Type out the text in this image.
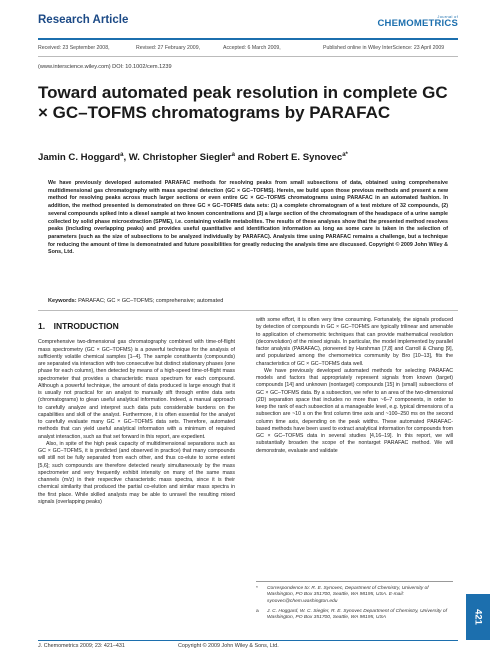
Research Article	Journal of
CHEMOMETRICS
Received: 23 September 2008,	Revised: 27 February 2009,	Accepted: 6 March 2009,	Published online in Wiley InterScience: 23 April 2009
(www.interscience.wiley.com) DOI: 10.1002/cem.1239
Toward automated peak resolution in complete GC × GC–TOFMS chromatograms by PARAFAC
Jamin C. Hoggard$^a$, W. Christopher Siegler$^a$ and Robert E. Synovec$^{a*}$

We have previously developed automated PARAFAC methods for resolving peaks from small subsections of data, obtained using comprehensive multidimensional gas chromatography with mass spectral detection (GC × GC–TOFMS). Herein, we build upon those previous methods and present a new method for resolving peaks across much larger sections or even entire GC × GC–TOFMS chromatograms using PARAFAC in an automated fashion. In addition, the method presented is demonstrated on three GC × GC–TOFMS data sets: (1) a complete chromatogram of a test mixture of 32 compounds, (2) several compounds spiked into a diesel sample at two known concentrations and (3) a large section of the chromatogram of the headspace of a urine sample collected by solid phase microextraction (SPME), i.e. containing volatile metabolites. The results of these analyses show that the presented method resolves peaks (including overlapping peaks) and provides useful quantitative and identification information as long as some care is taken in the selection of parameters (such as the size of subsections to be analyzed individually by PARAFAC). Analysis time using PARAFAC remains a challenge, but a technique for reducing the amount of time is demonstrated and future possibilities for greatly reducing the analysis time are discussed. Copyright © 2009 John Wiley & Sons, Ltd.

Keywords: PARAFAC; GC × GC–TOFMS; comprehensive; automated
1. INTRODUCTION

Comprehensive two-dimensional gas chromatography combined with time-of-flight mass spectrometry (GC × GC–TOFMS) is a powerful technique for the analysis of sufficiently volatile chemical samples [1–4]. The sample constituents (compounds) are separated via interaction with two consecutive but distinct stationary phases (one phase for each column), then detected by means of a high-speed time-of-flight mass spectrometer that provides a characteristic mass spectrum for each compound. Although a powerful technique, the amount of data produced is large enough that it is usually not practical for an analyst to manually sift through entire data sets (chromatograms) to glean useful analytical information. Indeed, a manual approach to carefully analyze and interpret such data puts considerable burdens on the capabilities and skill of the analyst. Furthermore, it is often essential for the analyst to carefully evaluate many GC × GC–TOFMS data sets. Therefore, automated methods that can yield useful analytical information with a minimum of required analyst interaction, such as that set forward in this report, are expedient.

Also, in spite of the high peak capacity of multidimensional separations such as GC × GC–TOFMS, it is predicted (and observed in practice) that many compounds will still not be fully separated from each other, and thus co-elute to some extent [5,6]; such compounds are therefore detected nearly simultaneously by the mass spectrometer and very frequently exhibit intensity on many of the same mass channels (m/z) in their respective characteristic mass spectra, since it is their chemical similarity that produced the partial co-elution and similar mass spectra in the first place. While skilled analysts may be able to unravel the resulting mixed signals (overlapping peaks)

with some effort, it is often very time consuming. Fortunately, the signals produced by detection of compounds in GC × GC–TOFMS are typically trilinear and amenable to application of chemometric techniques that can provide mathematical resolution (deconvolution) of the mixed signals. In particular, the model implemented by parallel factor analysis (PARAFAC), pioneered by Harshman [7,8] and Carroll & Chang [9], and popularized among the chemometrics community by Bro [10–13], fits the characteristics of GC × GC–TOFMS data well.

We have previously developed automated methods for selecting PARAFAC models and factors that appropriately represent signals from known (target) compounds [14] and unknown (nontarget) compounds [15] in (small) subsections of GC × GC–TOFMS data. By a subsection, we refer to an area of the two-dimensional (2D) separation space that includes no more than ~6–7 components, in order to keep the rank of each subsection at a manageable level, e.g. typical dimensions of a subsection are ~10 s on the first column time axis and ~100–250 ms on the second column time axis, depending on the peak widths. These automated PARAFAC-based methods have been used to extract analytical information for compounds from GC × GC–TOFMS data in several studies [4,16–19]. In this report, we will substantially broaden the scope of the nontarget PARAFAC method. We will demonstrate, evaluate and validate

*	Correspondence to: R. E. Synovec, Department of Chemistry, University of Washington, PO Box 351700, Seattle, WA 98195, USA. E-mail: synovec@chem.washington.edu
a	J. C. Hoggard, W. C. Siegler, R. E. Synovec Department of Chemistry, University of Washington, PO Box 351700, Seattle, WA 98195, USA
J. Chemometrics 2009; 23: 421–431	Copyright © 2009 John Wiley & Sons, Ltd.
421
